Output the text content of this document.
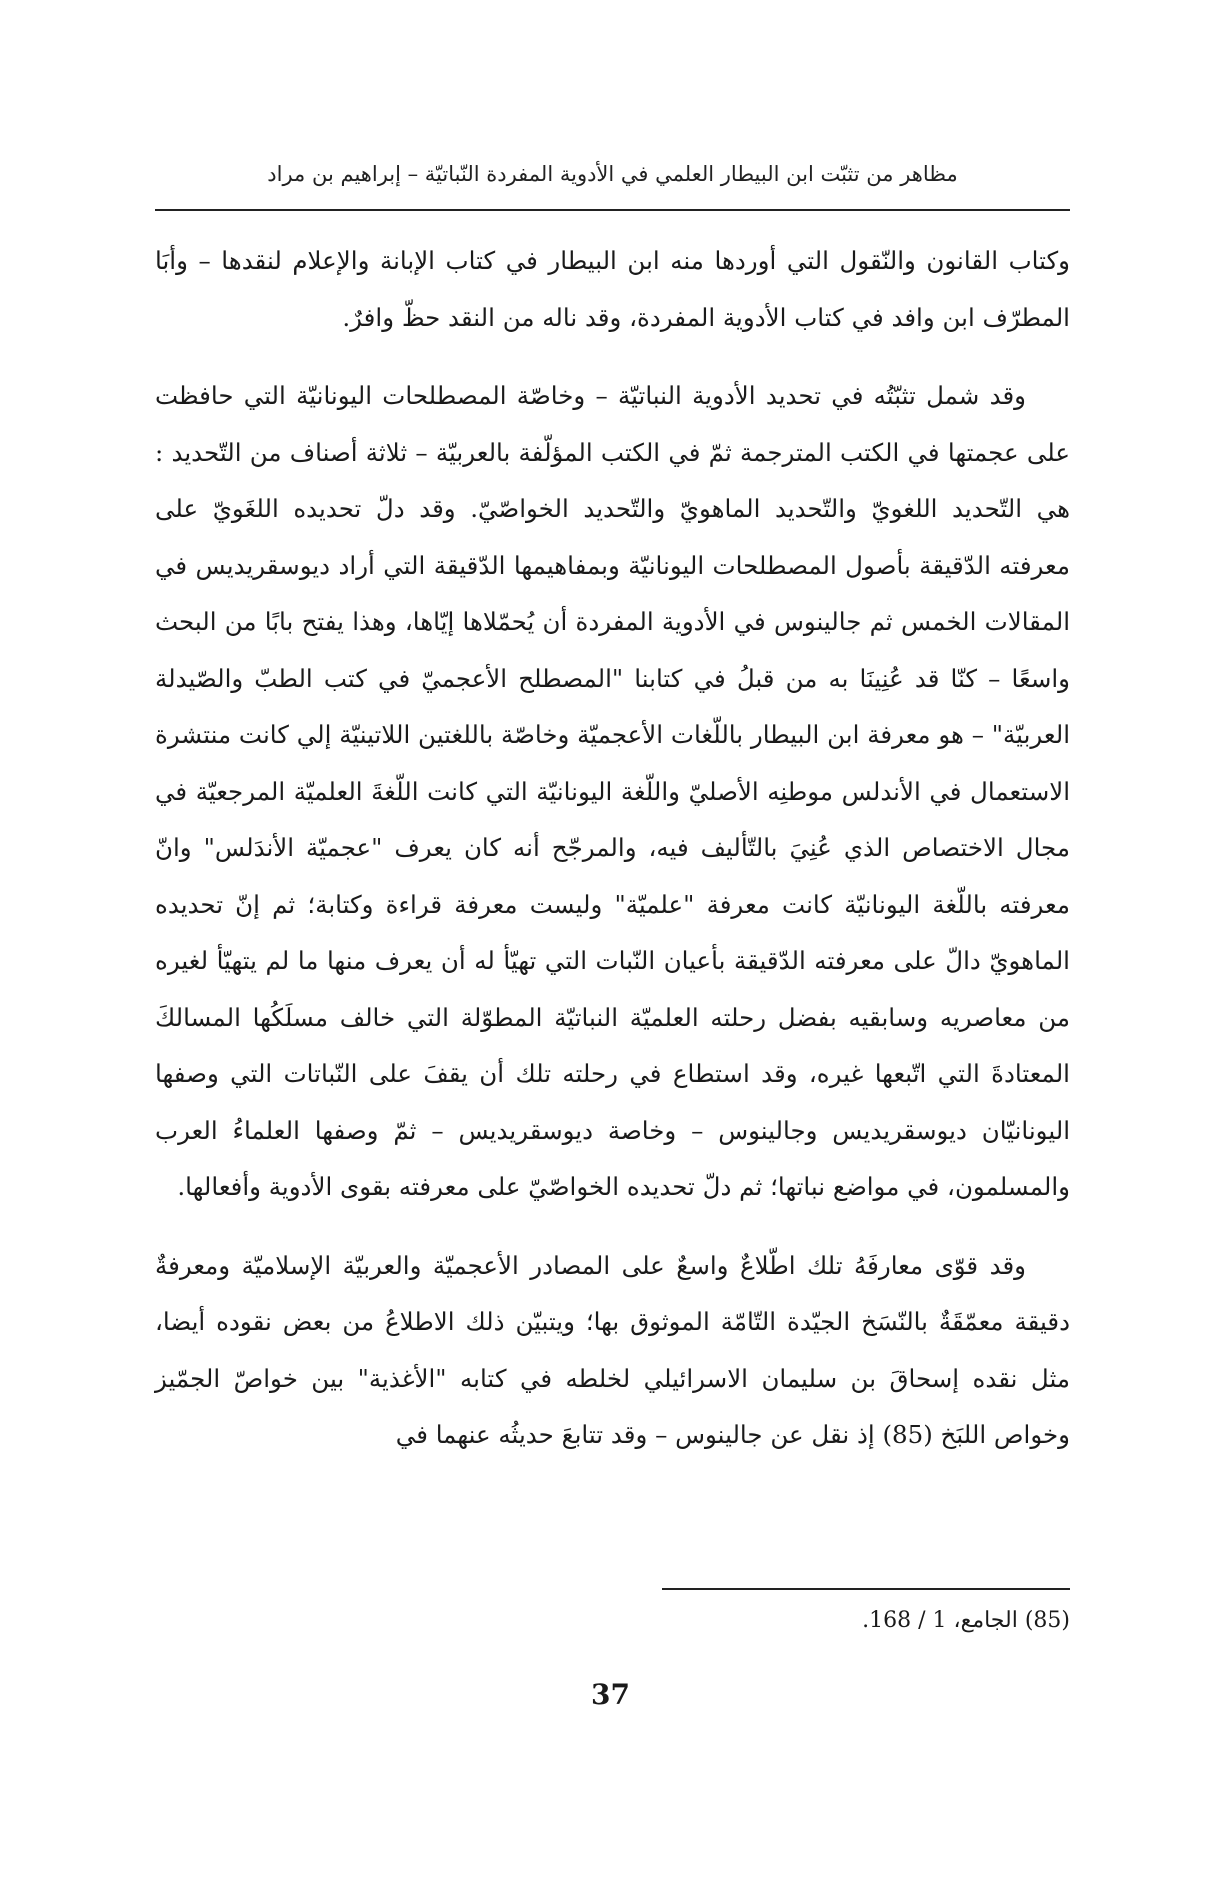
مظاهر من تثبّت ابن البيطار العلمي في الأدوية المفردة النّباتيّة – إبراهيم بن مراد

وكتاب القانون والنّقول التي أوردها منه ابن البيطار في كتاب الإبانة والإعلام لنقدها – وأبَا المطرّف ابن وافد في كتاب الأدوية المفردة، وقد ناله من النقد حظّ وافرٌ.

وقد شمل تثبّتُه في تحديد الأدوية النباتيّة – وخاصّة المصطلحات اليونانيّة التي حافظت على عجمتها في الكتب المترجمة ثمّ في الكتب المؤلّفة بالعربيّة – ثلاثة أصناف من التّحديد : هي التّحديد اللغويّ والتّحديد الماهويّ والتّحديد الخواصّيّ. وقد دلّ تحديده اللغَويّ على معرفته الدّقيقة بأصول المصطلحات اليونانيّة وبمفاهيمها الدّقيقة التي أراد ديوسقريديس في المقالات الخمس ثم جالينوس في الأدوية المفردة أن يُحمّلاها إيّاها، وهذا يفتح بابًا من البحث واسعًا – كنّا قد عُنِينَا به من قبلُ في كتابنا "المصطلح الأعجميّ في كتب الطبّ والصّيدلة العربيّة" – هو معرفة ابن البيطار باللّغات الأعجميّة وخاصّة باللغتين اللاتينيّة إلي كانت منتشرة الاستعمال في الأندلس موطنِه الأصليّ واللّغة اليونانيّة التي كانت اللّغةَ العلميّة المرجعيّة في مجال الاختصاص الذي عُنِيَ بالتّأليف فيه، والمرجّح أنه كان يعرف "عجميّة الأندَلس" وانّ معرفته باللّغة اليونانيّة كانت معرفة "علميّة" وليست معرفة قراءة وكتابة؛ ثم إنّ تحديده الماهويّ دالّ على معرفته الدّقيقة بأعيان النّبات التي تهيّأ له أن يعرف منها ما لم يتهيّأ لغيره من معاصريه وسابقيه بفضل رحلته العلميّة النباتيّة المطوّلة التي خالف مسلَكُها المسالكَ المعتادةَ التي اتّبعها غيره، وقد استطاع في رحلته تلك أن يقفَ على النّباتات التي وصفها اليونانيّان ديوسقريديس وجالينوس – وخاصة ديوسقريديس – ثمّ وصفها العلماءُ العرب والمسلمون، في مواضع نباتها؛ ثم دلّ تحديده الخواصّيّ على معرفته بقوى الأدوية وأفعالها.

وقد قوّى معارفَهُ تلك اطّلاعٌ واسعٌ على المصادر الأعجميّة والعربيّة الإسلاميّة ومعرفةٌ دقيقة معمّقَةٌ بالنّسَخ الجيّدة التّامّة الموثوق بها؛ ويتبيّن ذلك الاطلاعُ من بعض نقوده أيضا، مثل نقده إسحاقَ بن سليمان الاسرائيلي لخلطه في كتابه "الأغذية" بين خواصّ الجمّيز وخواص اللبَخ (85) إذ نقل عن جالينوس – وقد تتابعَ حديثُه عنهما في

(85) الجامع، 1 / 168.
37
